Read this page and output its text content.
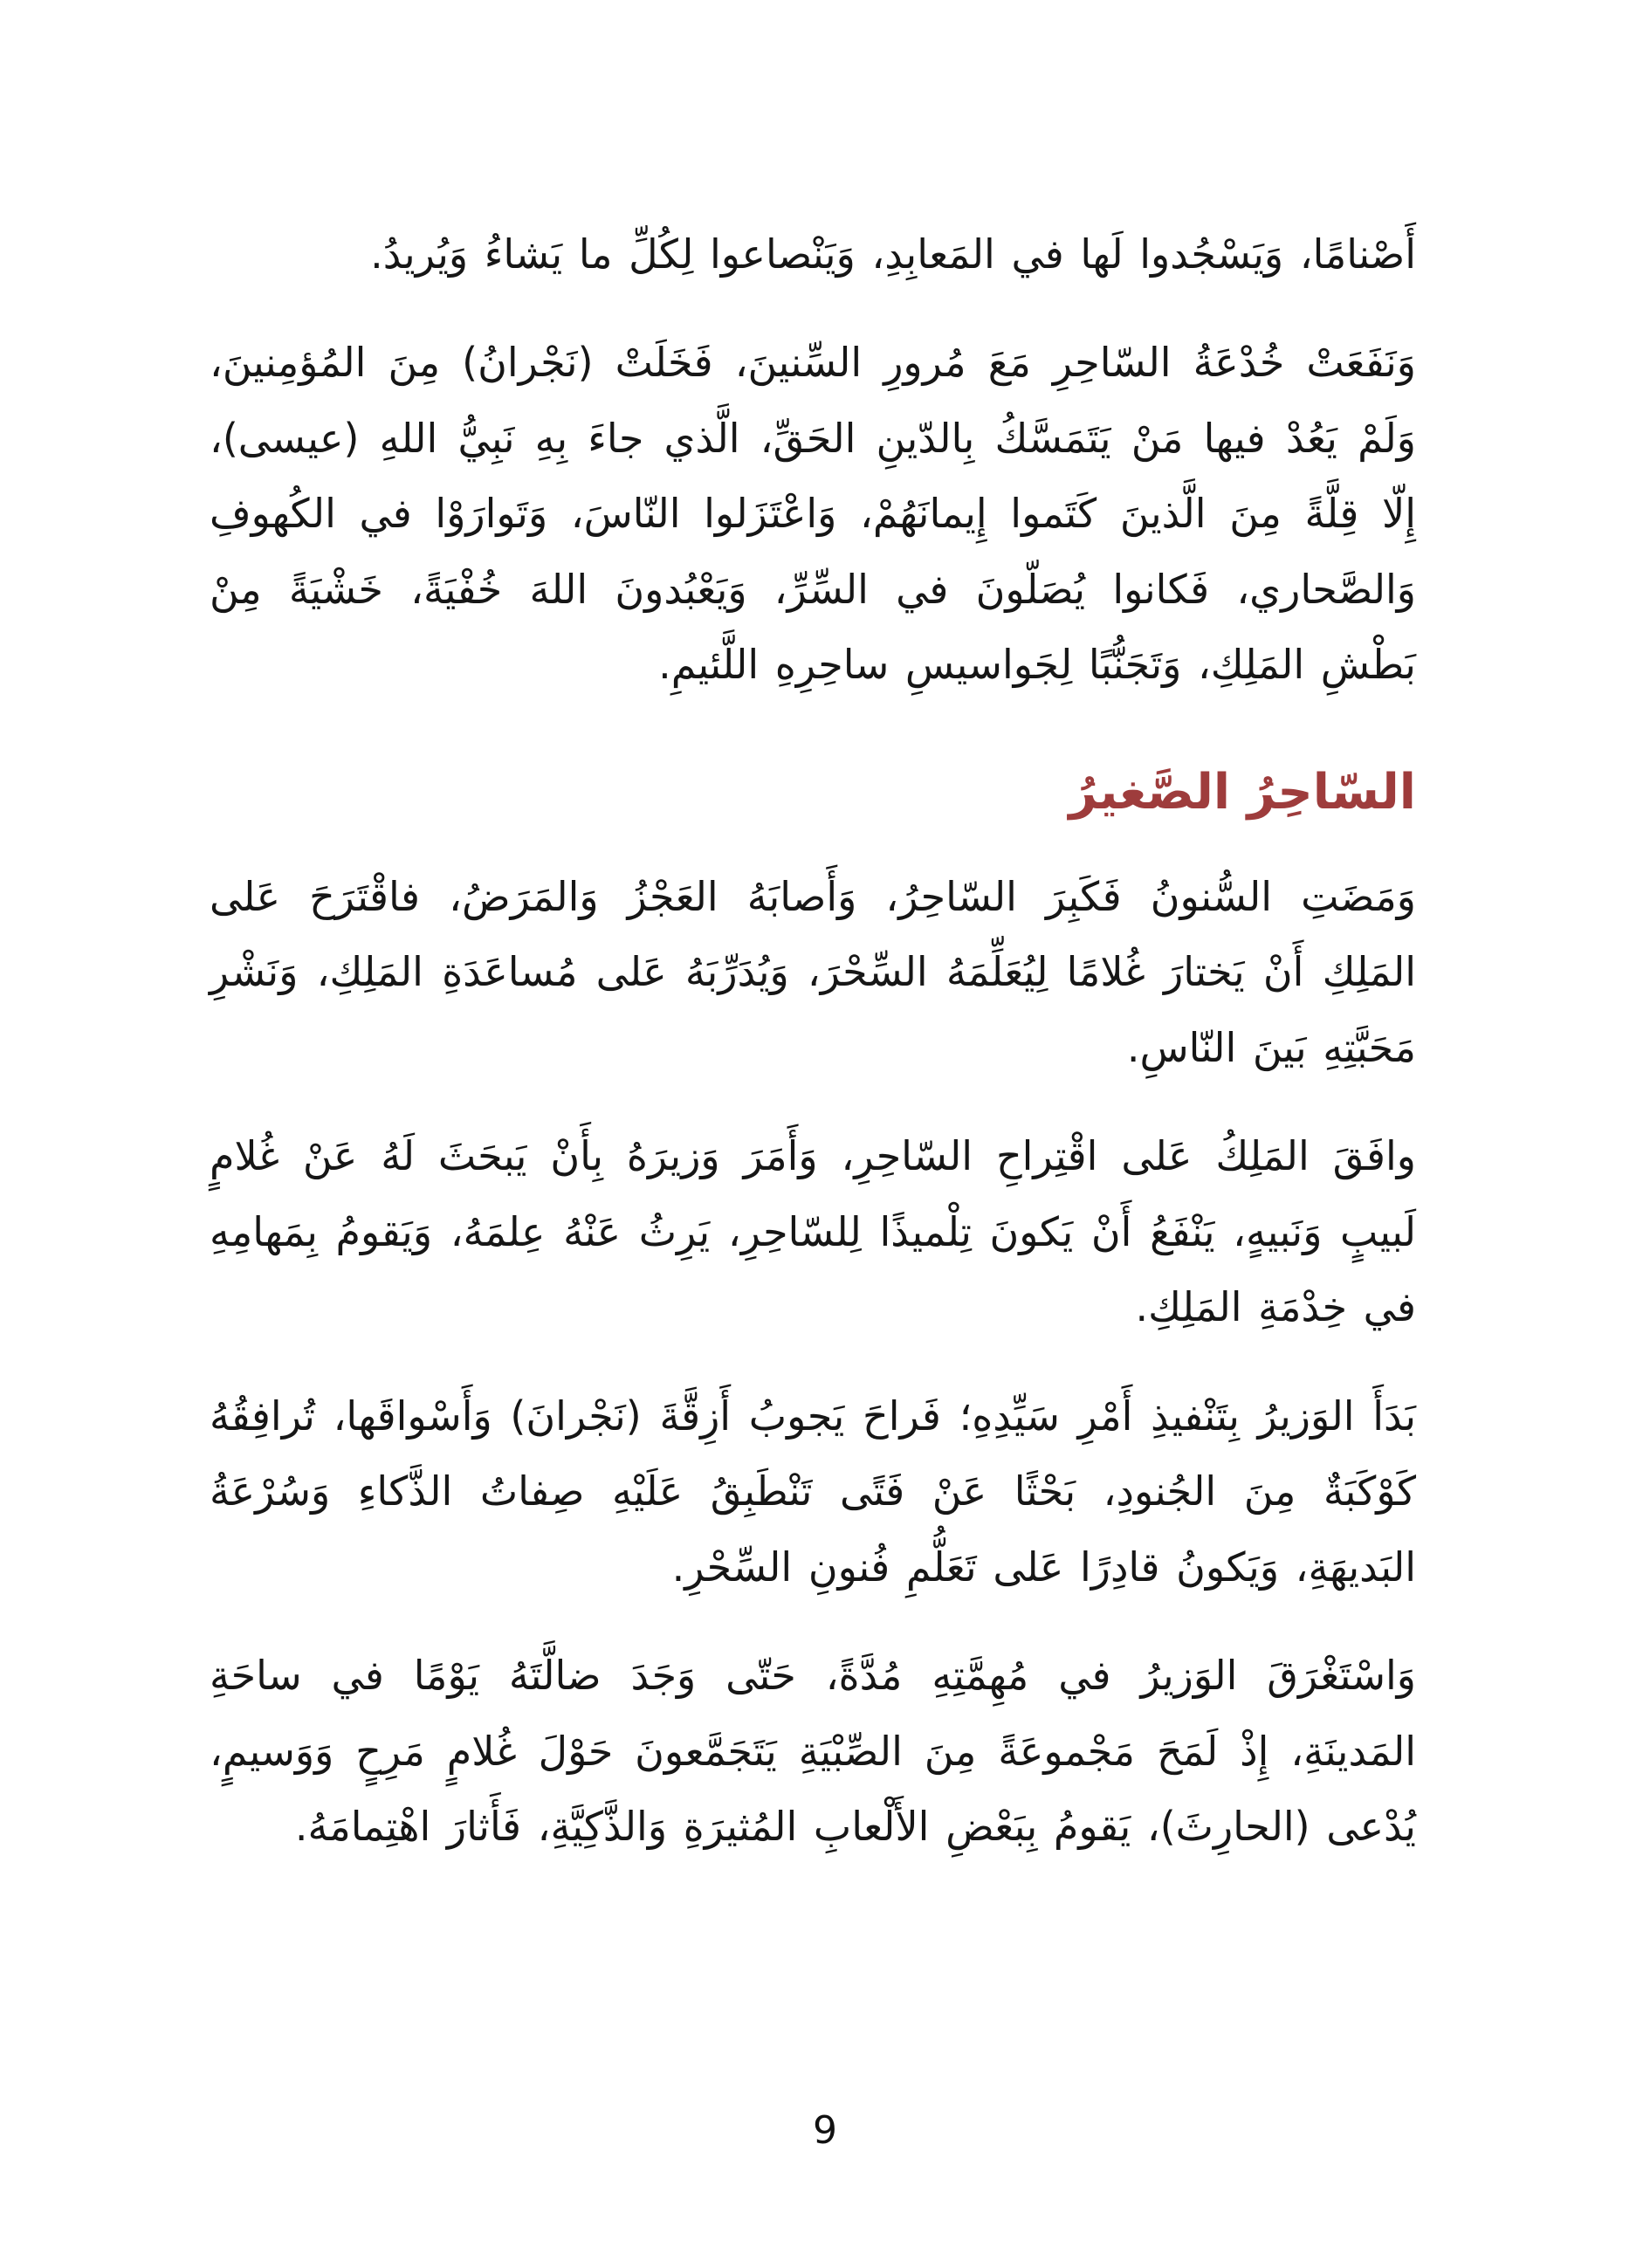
أَصْنامًا، وَيَسْجُدوا لَها في المَعابِدِ، وَيَنْصاعوا لِكُلِّ ما يَشاءُ وَيُريدُ.

وَنَفَعَتْ خُدْعَةُ السّاحِرِ مَعَ مُرورِ السِّنينَ، فَخَلَتْ (نَجْرانُ) مِنَ المُؤمِنينَ، وَلَمْ يَعُدْ فيها مَنْ يَتَمَسَّكُ بِالدّينِ الحَقِّ، الَّذي جاءَ بِهِ نَبِيُّ اللهِ (عيسى)، إِلّا قِلَّةً مِنَ الَّذينَ كَتَموا إِيمانَهُمْ، وَاعْتَزَلوا النّاسَ، وَتَوارَوْا في الكُهوفِ وَالصَّحاري، فَكانوا يُصَلّونَ في السِّرِّ، وَيَعْبُدونَ اللهَ خُفْيَةً، خَشْيَةً مِنْ بَطْشِ المَلِكِ، وَتَجَنُّبًا لِجَواسيسِ ساحِرِهِ اللَّئيمِ.

السّاحِرُ الصَّغيرُ

وَمَضَتِ السُّنونُ فَكَبِرَ السّاحِرُ، وَأَصابَهُ العَجْزُ وَالمَرَضُ، فاقْتَرَحَ عَلى المَلِكِ أَنْ يَختارَ غُلامًا لِيُعَلِّمَهُ السِّحْرَ، وَيُدَرِّبَهُ عَلى مُساعَدَةِ المَلِكِ، وَنَشْرِ مَحَبَّتِهِ بَينَ النّاسِ.

وافَقَ المَلِكُ عَلى اقْتِراحِ السّاحِرِ، وَأَمَرَ وَزيرَهُ بِأَنْ يَبحَثَ لَهُ عَنْ غُلامٍ لَبيبٍ وَنَبيهٍ، يَنْفَعُ أَنْ يَكونَ تِلْميذًا لِلسّاحِرِ، يَرِثُ عَنْهُ عِلمَهُ، وَيَقومُ بِمَهامِهِ في خِدْمَةِ المَلِكِ.

بَدَأَ الوَزيرُ بِتَنْفيذِ أَمْرِ سَيِّدِهِ؛ فَراحَ يَجوبُ أَزِقَّةَ (نَجْرانَ) وَأَسْواقَها، تُرافِقُهُ كَوْكَبَةٌ مِنَ الجُنودِ، بَحْثًا عَنْ فَتًى تَنْطَبِقُ عَلَيْهِ صِفاتُ الذَّكاءِ وَسُرْعَةُ البَديهَةِ، وَيَكونُ قادِرًا عَلى تَعَلُّمِ فُنونِ السِّحْرِ.

وَاسْتَغْرَقَ الوَزيرُ في مُهِمَّتِهِ مُدَّةً، حَتّى وَجَدَ ضالَّتَهُ يَوْمًا في ساحَةِ المَدينَةِ، إِذْ لَمَحَ مَجْموعَةً مِنَ الصِّبْيَةِ يَتَجَمَّعونَ حَوْلَ غُلامٍ مَرِحٍ وَوَسيمٍ، يُدْعى (الحارِثَ)، يَقومُ بِبَعْضِ الأَلْعابِ المُثيرَةِ وَالذَّكِيَّةِ، فَأَثارَ اهْتِمامَهُ.

9
